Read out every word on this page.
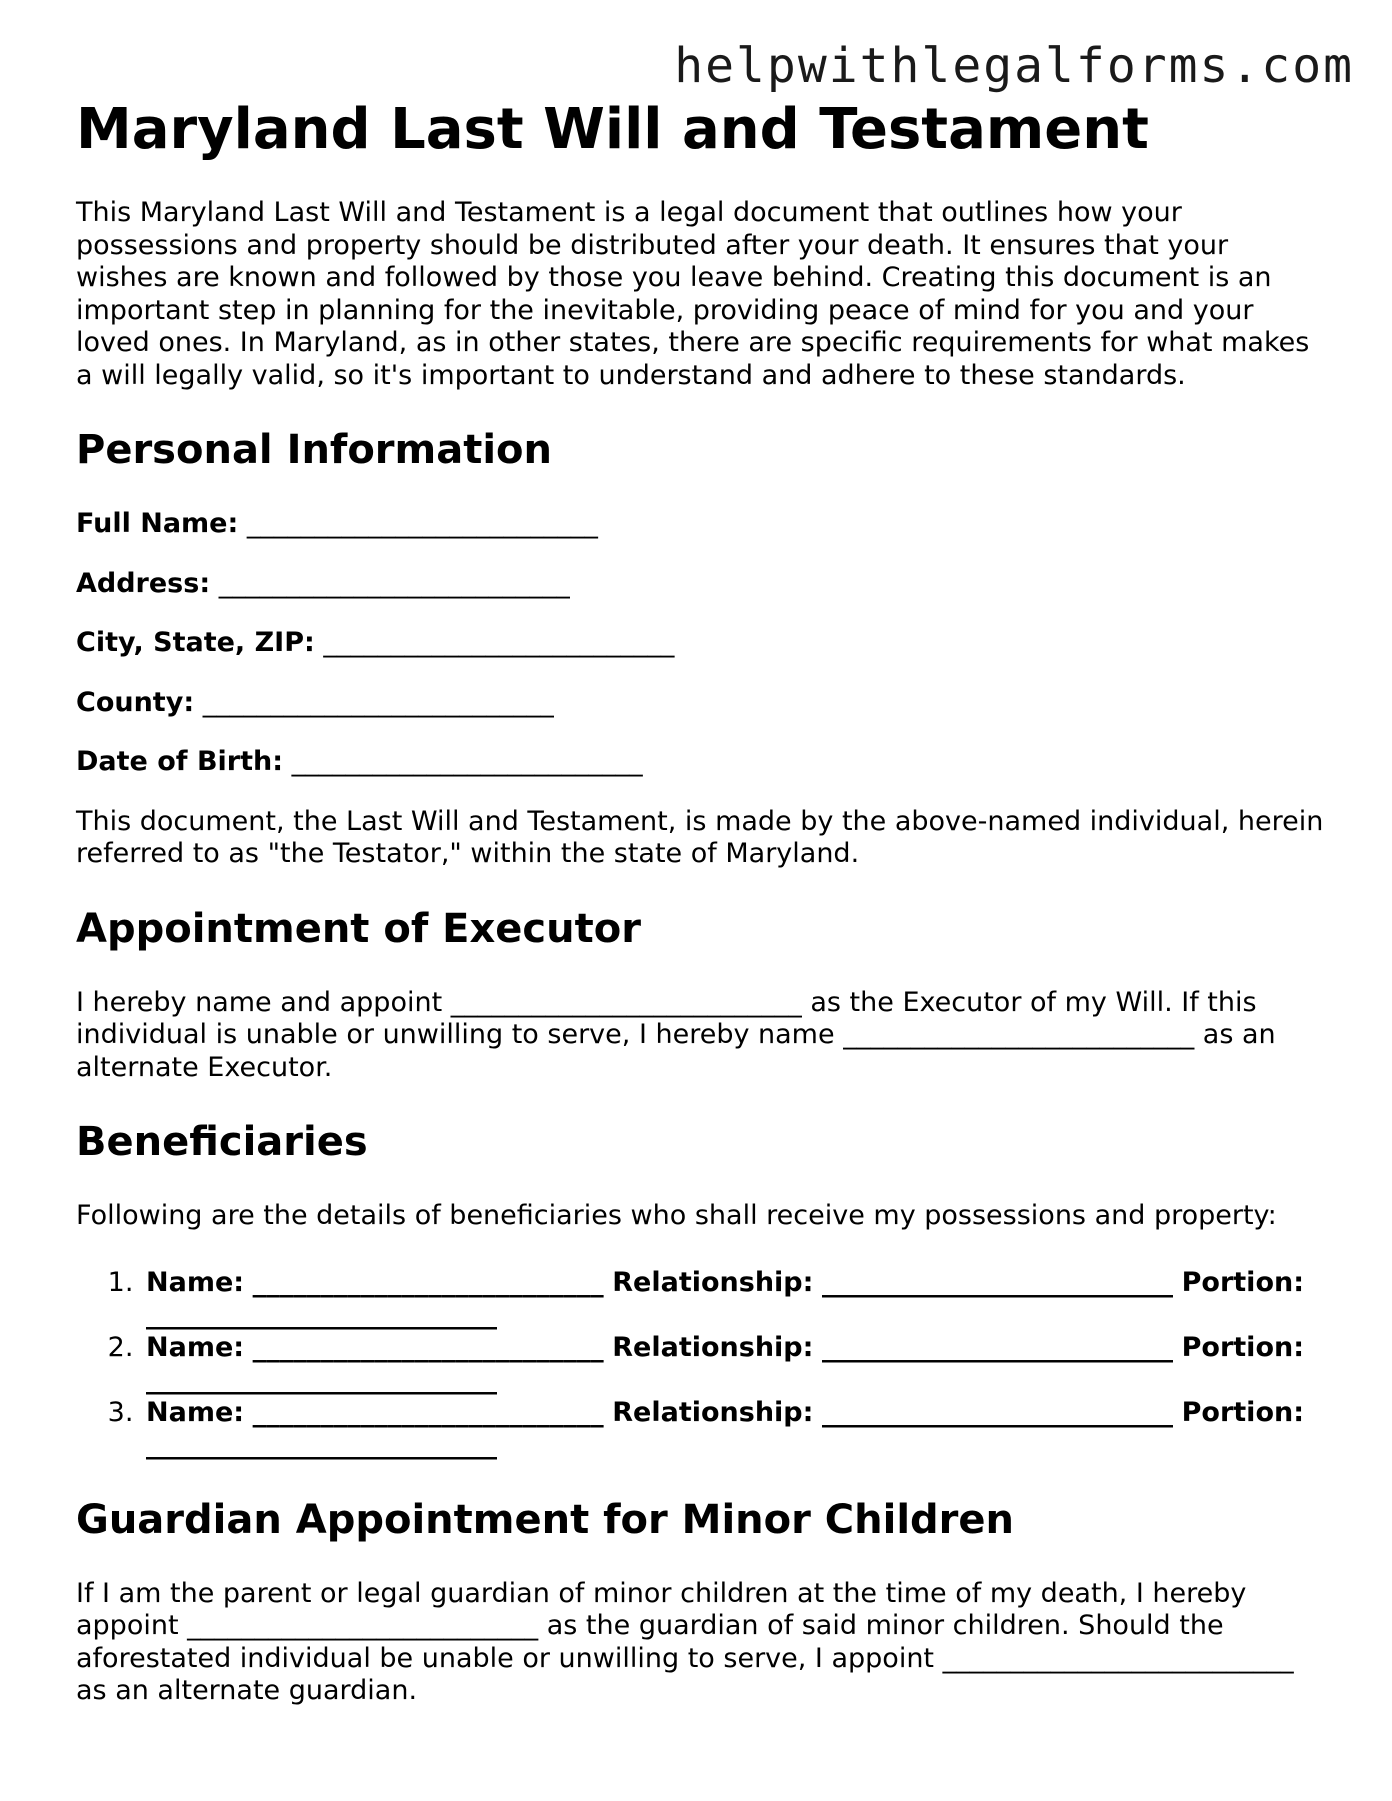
helpwithlegalforms.com
Maryland Last Will and Testament

This Maryland Last Will and Testament is a legal document that outlines how your possessions and property should be distributed after your death. It ensures that your wishes are known and followed by those you leave behind. Creating this document is an important step in planning for the inevitable, providing peace of mind for you and your loved ones. In Maryland, as in other states, there are specific requirements for what makes a will legally valid, so it's important to understand and adhere to these standards.

Personal Information
Full Name: __________________________
Address: __________________________
City, State, ZIP: __________________________
County: __________________________
Date of Birth: __________________________

This document, the Last Will and Testament, is made by the above-named individual, herein referred to as "the Testator," within the state of Maryland.

Appointment of Executor

I hereby name and appoint __________________________ as the Executor of my Will. If this individual is unable or unwilling to serve, I hereby name __________________________ as an alternate Executor.

Beneficiaries

Following are the details of beneficiaries who shall receive my possessions and property:

1. Name: __________________________ Relationship: __________________________ Portion: __________________________
2. Name: __________________________ Relationship: __________________________ Portion: __________________________
3. Name: __________________________ Relationship: __________________________ Portion: __________________________
Guardian Appointment for Minor Children

If I am the parent or legal guardian of minor children at the time of my death, I hereby appoint __________________________ as the guardian of said minor children. Should the aforestated individual be unable or unwilling to serve, I appoint __________________________ as an alternate guardian.
